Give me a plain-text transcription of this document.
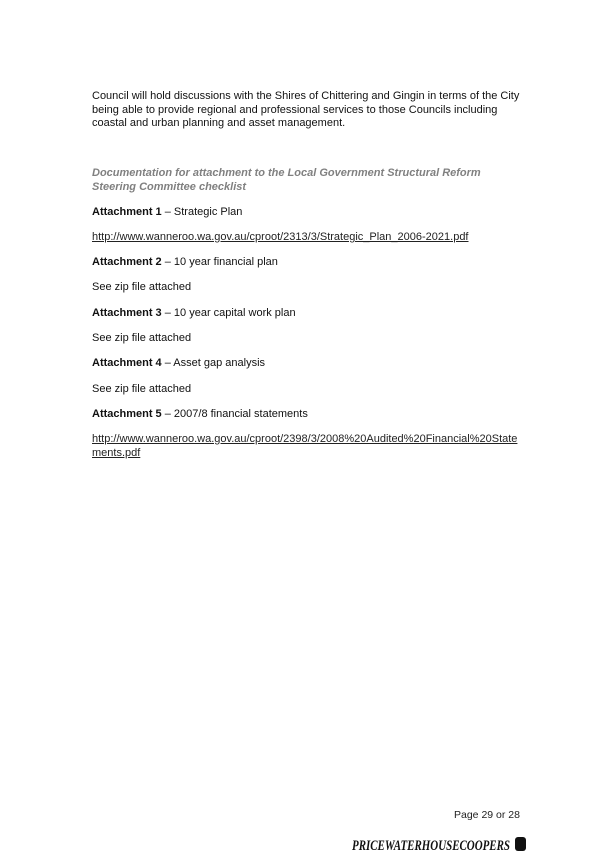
Council will hold discussions with the Shires of Chittering and Gingin in terms of the City being able to provide regional and professional services to those Councils including coastal and urban planning and asset management.

Documentation for attachment to the Local Government Structural Reform Steering Committee checklist

Attachment 1 – Strategic Plan

http://www.wanneroo.wa.gov.au/cproot/2313/3/Strategic_Plan_2006-2021.pdf

Attachment 2 – 10 year financial plan

See zip file attached

Attachment 3 – 10 year capital work plan

See zip file attached

Attachment 4 – Asset gap analysis

See zip file attached

Attachment 5 – 2007/8 financial statements

http://www.wanneroo.wa.gov.au/cproot/2398/3/2008%20Audited%20Financial%20Statements.pdf

Page 29 or 28
PRICEWATERHOUSECOOPERS
